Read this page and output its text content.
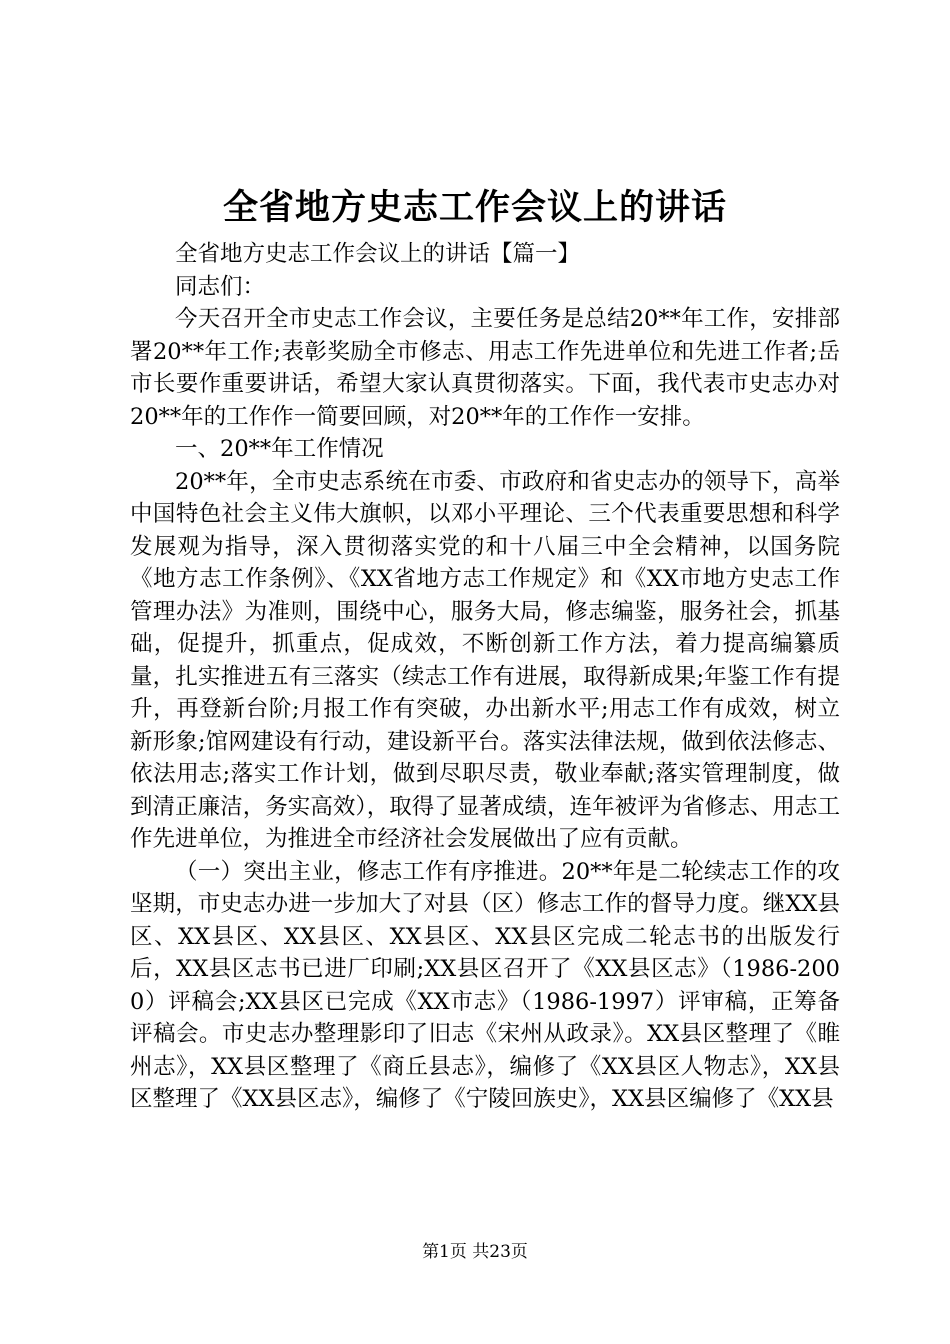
全省地方史志工作会议上的讲话

全省地方史志工作会议上的讲话【篇一】

同志们：

今天召开全市史志工作会议，主要任务是总结20**年工作，安排部署20**年工作;表彰奖励全市修志、用志工作先进单位和先进工作者;岳市长要作重要讲话，希望大家认真贯彻落实。下面，我代表市史志办对20**年的工作作一简要回顾，对20**年的工作作一安排。

一、20**年工作情况

20**年，全市史志系统在市委、市政府和省史志办的领导下，高举中国特色社会主义伟大旗帜，以邓小平理论、三个代表重要思想和科学发展观为指导，深入贯彻落实党的和十八届三中全会精神，以国务院《地方志工作条例》、《XX省地方志工作规定》和《XX市地方史志工作管理办法》为准则，围绕中心，服务大局，修志编鉴，服务社会，抓基础，促提升，抓重点，促成效，不断创新工作方法，着力提高编纂质量，扎实推进五有三落实（续志工作有进展，取得新成果;年鉴工作有提升，再登新台阶;月报工作有突破，办出新水平;用志工作有成效，树立新形象;馆网建设有行动，建设新平台。落实法律法规，做到依法修志、依法用志;落实工作计划，做到尽职尽责，敬业奉献;落实管理制度，做到清正廉洁，务实高效），取得了显著成绩，连年被评为省修志、用志工作先进单位，为推进全市经济社会发展做出了应有贡献。

（一）突出主业，修志工作有序推进。20**年是二轮续志工作的攻坚期，市史志办进一步加大了对县（区）修志工作的督导力度。继XX县区、XX县区、XX县区、XX县区、XX县区完成二轮志书的出版发行后，XX县区志书已进厂印刷;XX县区召开了《XX县区志》（1986-2000）评稿会;XX县区已完成《XX市志》（1986-1997）评审稿，正筹备评稿会。市史志办整理影印了旧志《宋州从政录》。XX县区整理了《睢州志》，XX县区整理了《商丘县志》，编修了《XX县区人物志》，XX县区整理了《XX县区志》，编修了《宁陵回族史》，XX县区编修了《XX县

第1页 共23页
